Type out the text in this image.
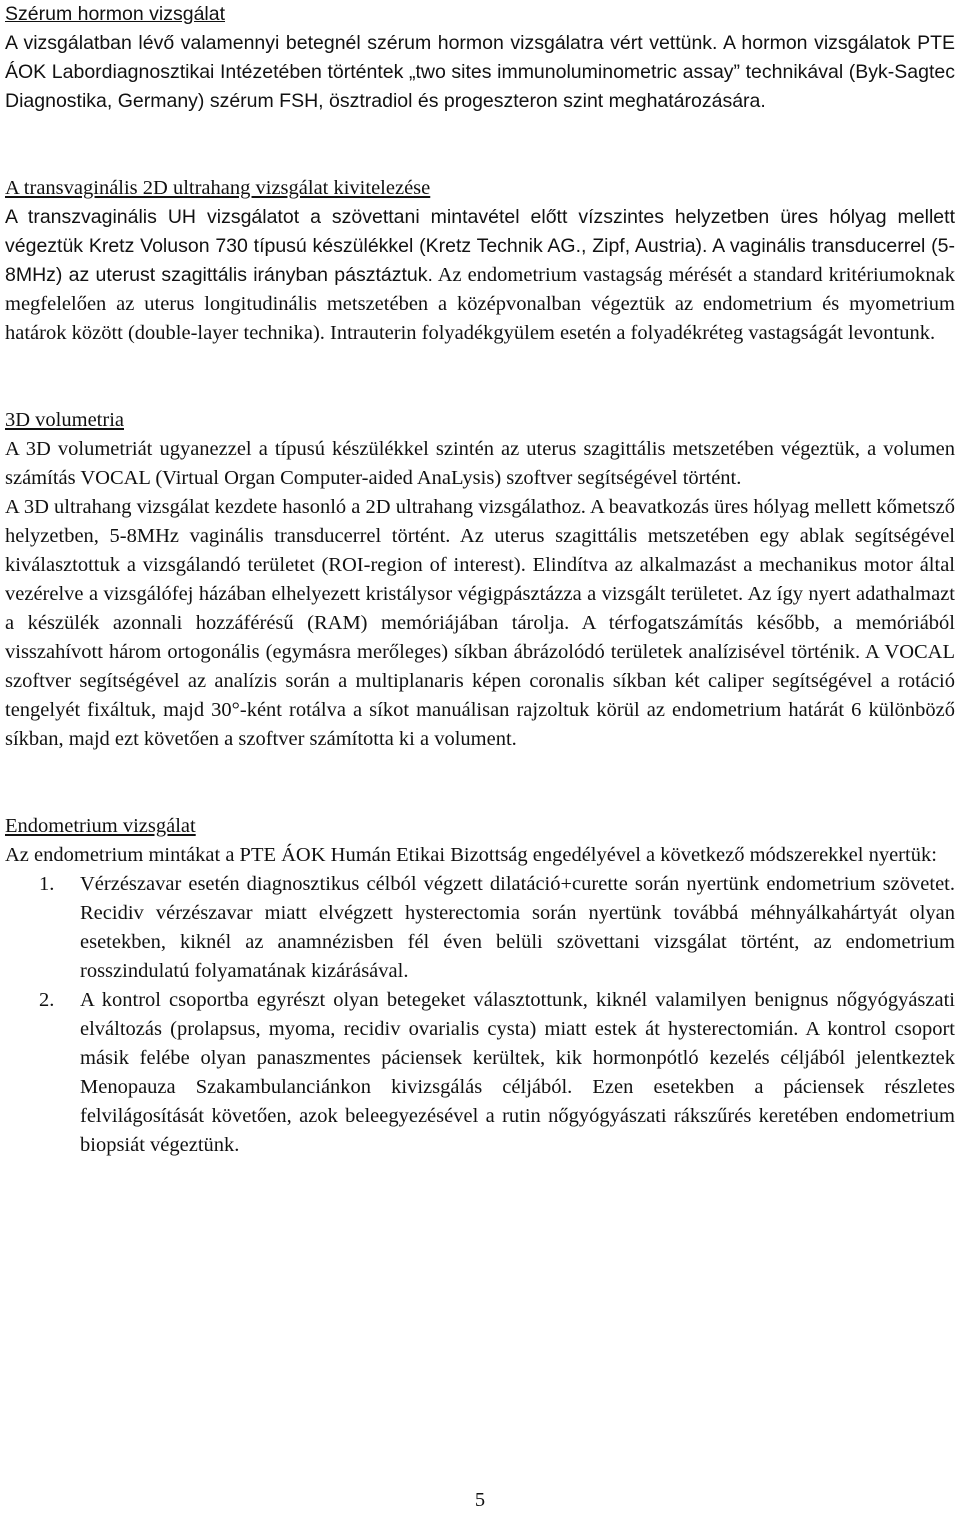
Szérum hormon vizsgálat

A vizsgálatban lévő valamennyi betegnél szérum hormon vizsgálatra vért vettünk. A hormon vizsgálatok PTE ÁOK Labordiagnosztikai Intézetében történtek „two sites immunoluminometric assay” technikával (Byk-Sagtec Diagnostika, Germany) szérum FSH, ösztradiol és progeszteron szint meghatározására.

A transvaginális 2D ultrahang vizsgálat kivitelezése

A transzvaginális UH vizsgálatot a szövettani mintavétel előtt vízszintes helyzetben üres hólyag mellett végeztük Kretz Voluson 730 típusú készülékkel (Kretz Technik AG., Zipf, Austria). A vaginális transducerrel (5-8MHz) az uterust szagittális irányban pásztáztuk. Az endometrium vastagság mérését a standard kritériumoknak megfelelően az uterus longitudinális metszetében a középvonalban végeztük az endometrium és myometrium határok között (double-layer technika). Intrauterin folyadékgyülem esetén a folyadékréteg vastagságát levontunk.

3D volumetria

A 3D volumetriát ugyanezzel a típusú készülékkel szintén az uterus szagittális metszetében végeztük, a volumen számítás VOCAL (Virtual Organ Computer-aided AnaLysis) szoftver segítségével történt.

A 3D ultrahang vizsgálat kezdete hasonló a 2D ultrahang vizsgálathoz. A beavatkozás üres hólyag mellett kőmetsző helyzetben, 5-8MHz vaginális transducerrel történt. Az uterus szagittális metszetében egy ablak segítségével kiválasztottuk a vizsgálandó területet (ROI-region of interest). Elindítva az alkalmazást a mechanikus motor által vezérelve a vizsgálófej házában elhelyezett kristálysor végigpásztázza a vizsgált területet. Az így nyert adathalmazt a készülék azonnali hozzáférésű (RAM) memóriájában tárolja. A térfogatszámítás később, a memóriából visszahívott három ortogonális (egymásra merőleges) síkban ábrázolódó területek analízisével történik. A VOCAL szoftver segítségével az analízis során a multiplanaris képen coronalis síkban két caliper segítségével a rotáció tengelyét fixáltuk, majd 30°-ként rotálva a síkot manuálisan rajzoltuk körül az endometrium határát 6 különböző síkban, majd ezt követően a szoftver számította ki a volument.

Endometrium vizsgálat

Az endometrium mintákat a PTE ÁOK Humán Etikai Bizottság engedélyével a következő módszerekkel nyertük:

1. Vérzészavar esetén diagnosztikus célból végzett dilatáció+curette során nyertünk endometrium szövetet. Recidiv vérzészavar miatt elvégzett hysterectomia során nyertünk továbbá méhnyálkahártyát olyan esetekben, kiknél az anamnézisben fél éven belüli szövettani vizsgálat történt, az endometrium rosszindulatú folyamatának kizárásával.
2. A kontrol csoportba egyrészt olyan betegeket választottunk, kiknél valamilyen benignus nőgyógyászati elváltozás (prolapsus, myoma, recidiv ovarialis cysta) miatt estek át hysterectomián. A kontrol csoport másik felébe olyan panaszmentes páciensek kerültek, kik hormonpótló kezelés céljából jelentkeztek Menopauza Szakambulanciánkon kivizsgálás céljából. Ezen esetekben a páciensek részletes felvilágosítását követően, azok beleegyezésével a rutin nőgyógyászati rákszűrés keretében endometrium biopsiát végeztünk.
5
